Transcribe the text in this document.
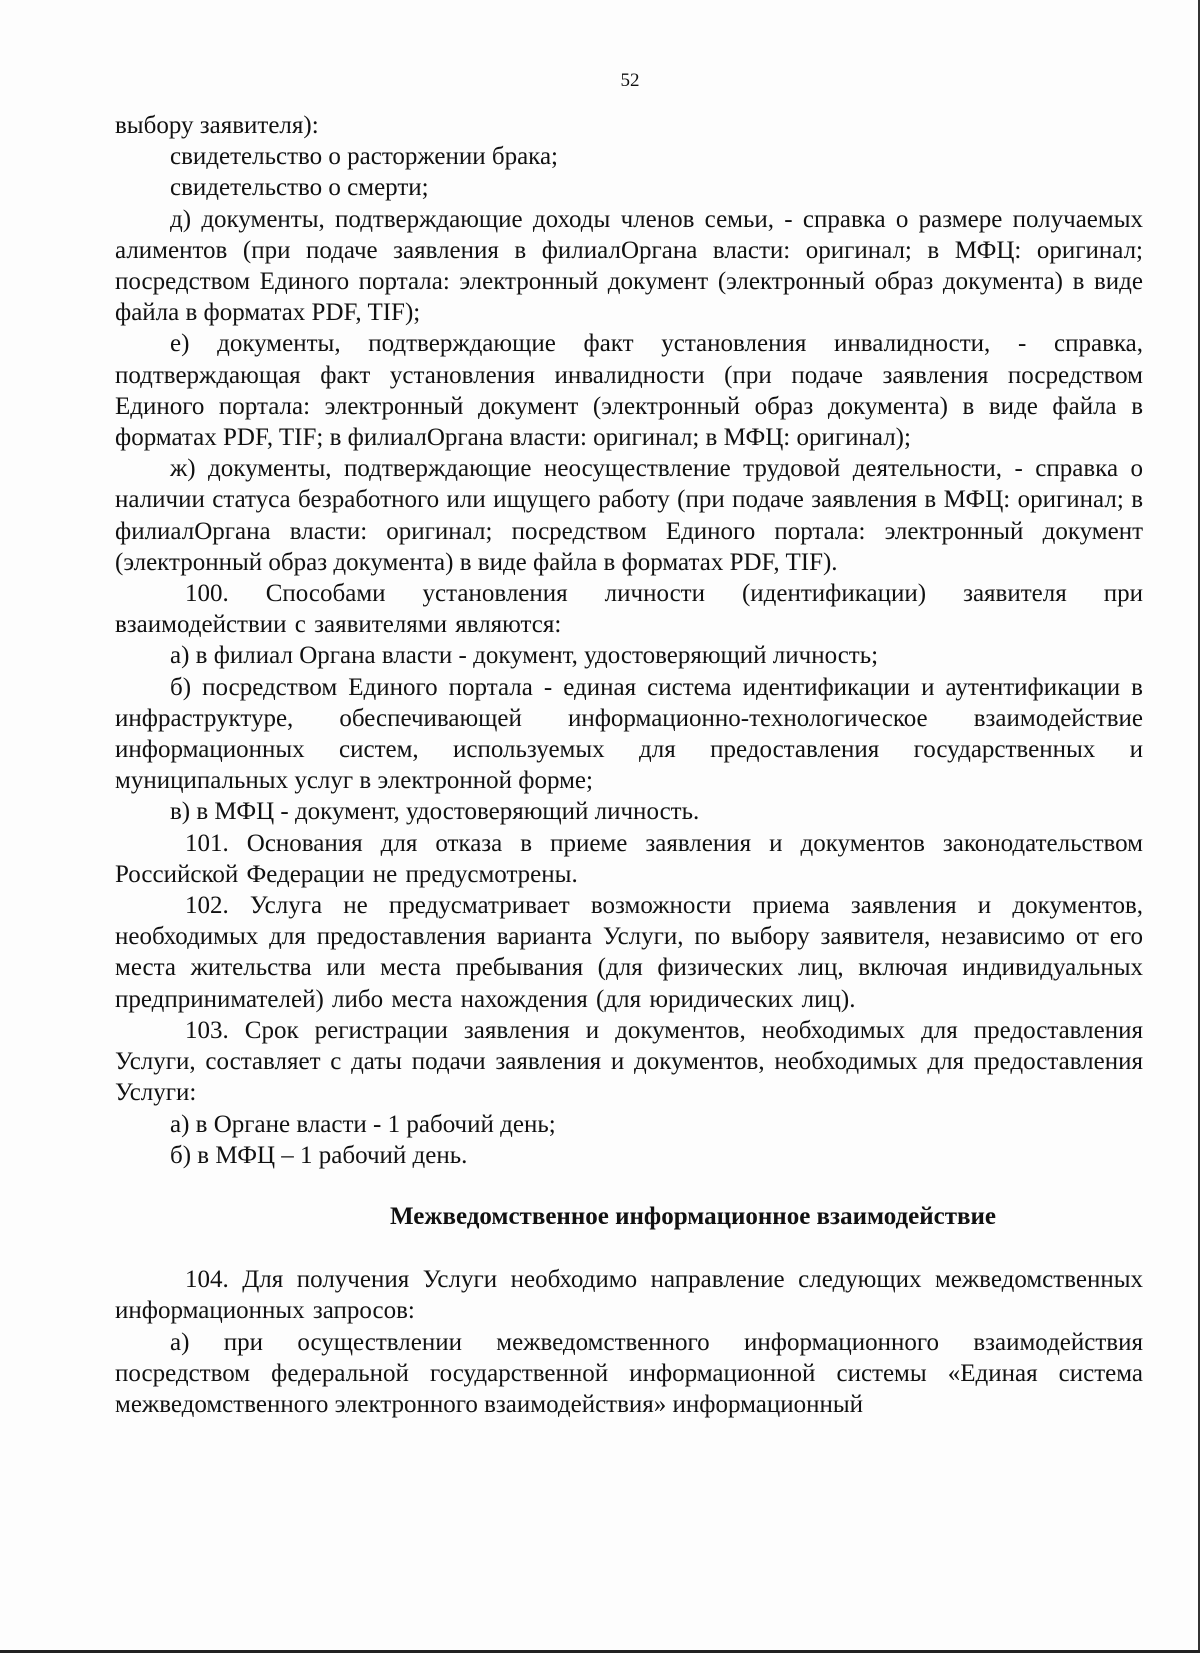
52

выбору заявителя):

свидетельство о расторжении брака;

свидетельство о смерти;

д) документы, подтверждающие доходы членов семьи, - справка о размере получаемых алиментов (при подаче заявления в филиалОргана власти: оригинал; в МФЦ: оригинал; посредством Единого портала: электронный документ (электронный образ документа) в виде файла в форматах PDF, TIF);

е) документы, подтверждающие факт установления инвалидности, - справка, подтверждающая факт установления инвалидности (при подаче заявления посредством Единого портала: электронный документ (электронный образ документа) в виде файла в форматах PDF, TIF; в филиалОргана власти: оригинал; в МФЦ: оригинал);

ж) документы, подтверждающие неосуществление трудовой деятельности, - справка о наличии статуса безработного или ищущего работу (при подаче заявления в МФЦ: оригинал; в филиалОргана власти: оригинал; посредством Единого портала: электронный документ (электронный образ документа) в виде файла в форматах PDF, TIF).

100. Способами установления личности (идентификации) заявителя при взаимодействии с заявителями являются:

а) в филиал Органа власти - документ, удостоверяющий личность;

б) посредством Единого портала - единая система идентификации и аутентификации в инфраструктуре, обеспечивающей информационно-технологическое взаимодействие информационных систем, используемых для предоставления государственных и муниципальных услуг в электронной форме;

в) в МФЦ - документ, удостоверяющий личность.

101. Основания для отказа в приеме заявления и документов законодательством Российской Федерации не предусмотрены.

102. Услуга не предусматривает возможности приема заявления и документов, необходимых для предоставления варианта Услуги, по выбору заявителя, независимо от его места жительства или места пребывания (для физических лиц, включая индивидуальных предпринимателей) либо места нахождения (для юридических лиц).

103. Срок регистрации заявления и документов, необходимых для предоставления Услуги, составляет с даты подачи заявления и документов, необходимых для предоставления Услуги:

а) в Органе власти - 1 рабочий день;

б) в МФЦ – 1 рабочий день.

Межведомственное информационное взаимодействие

104. Для получения Услуги необходимо направление следующих межведомственных информационных запросов:

а) при осуществлении межведомственного информационного взаимодействия посредством федеральной государственной информационной системы «Единая система межведомственного электронного взаимодействия» информационный
